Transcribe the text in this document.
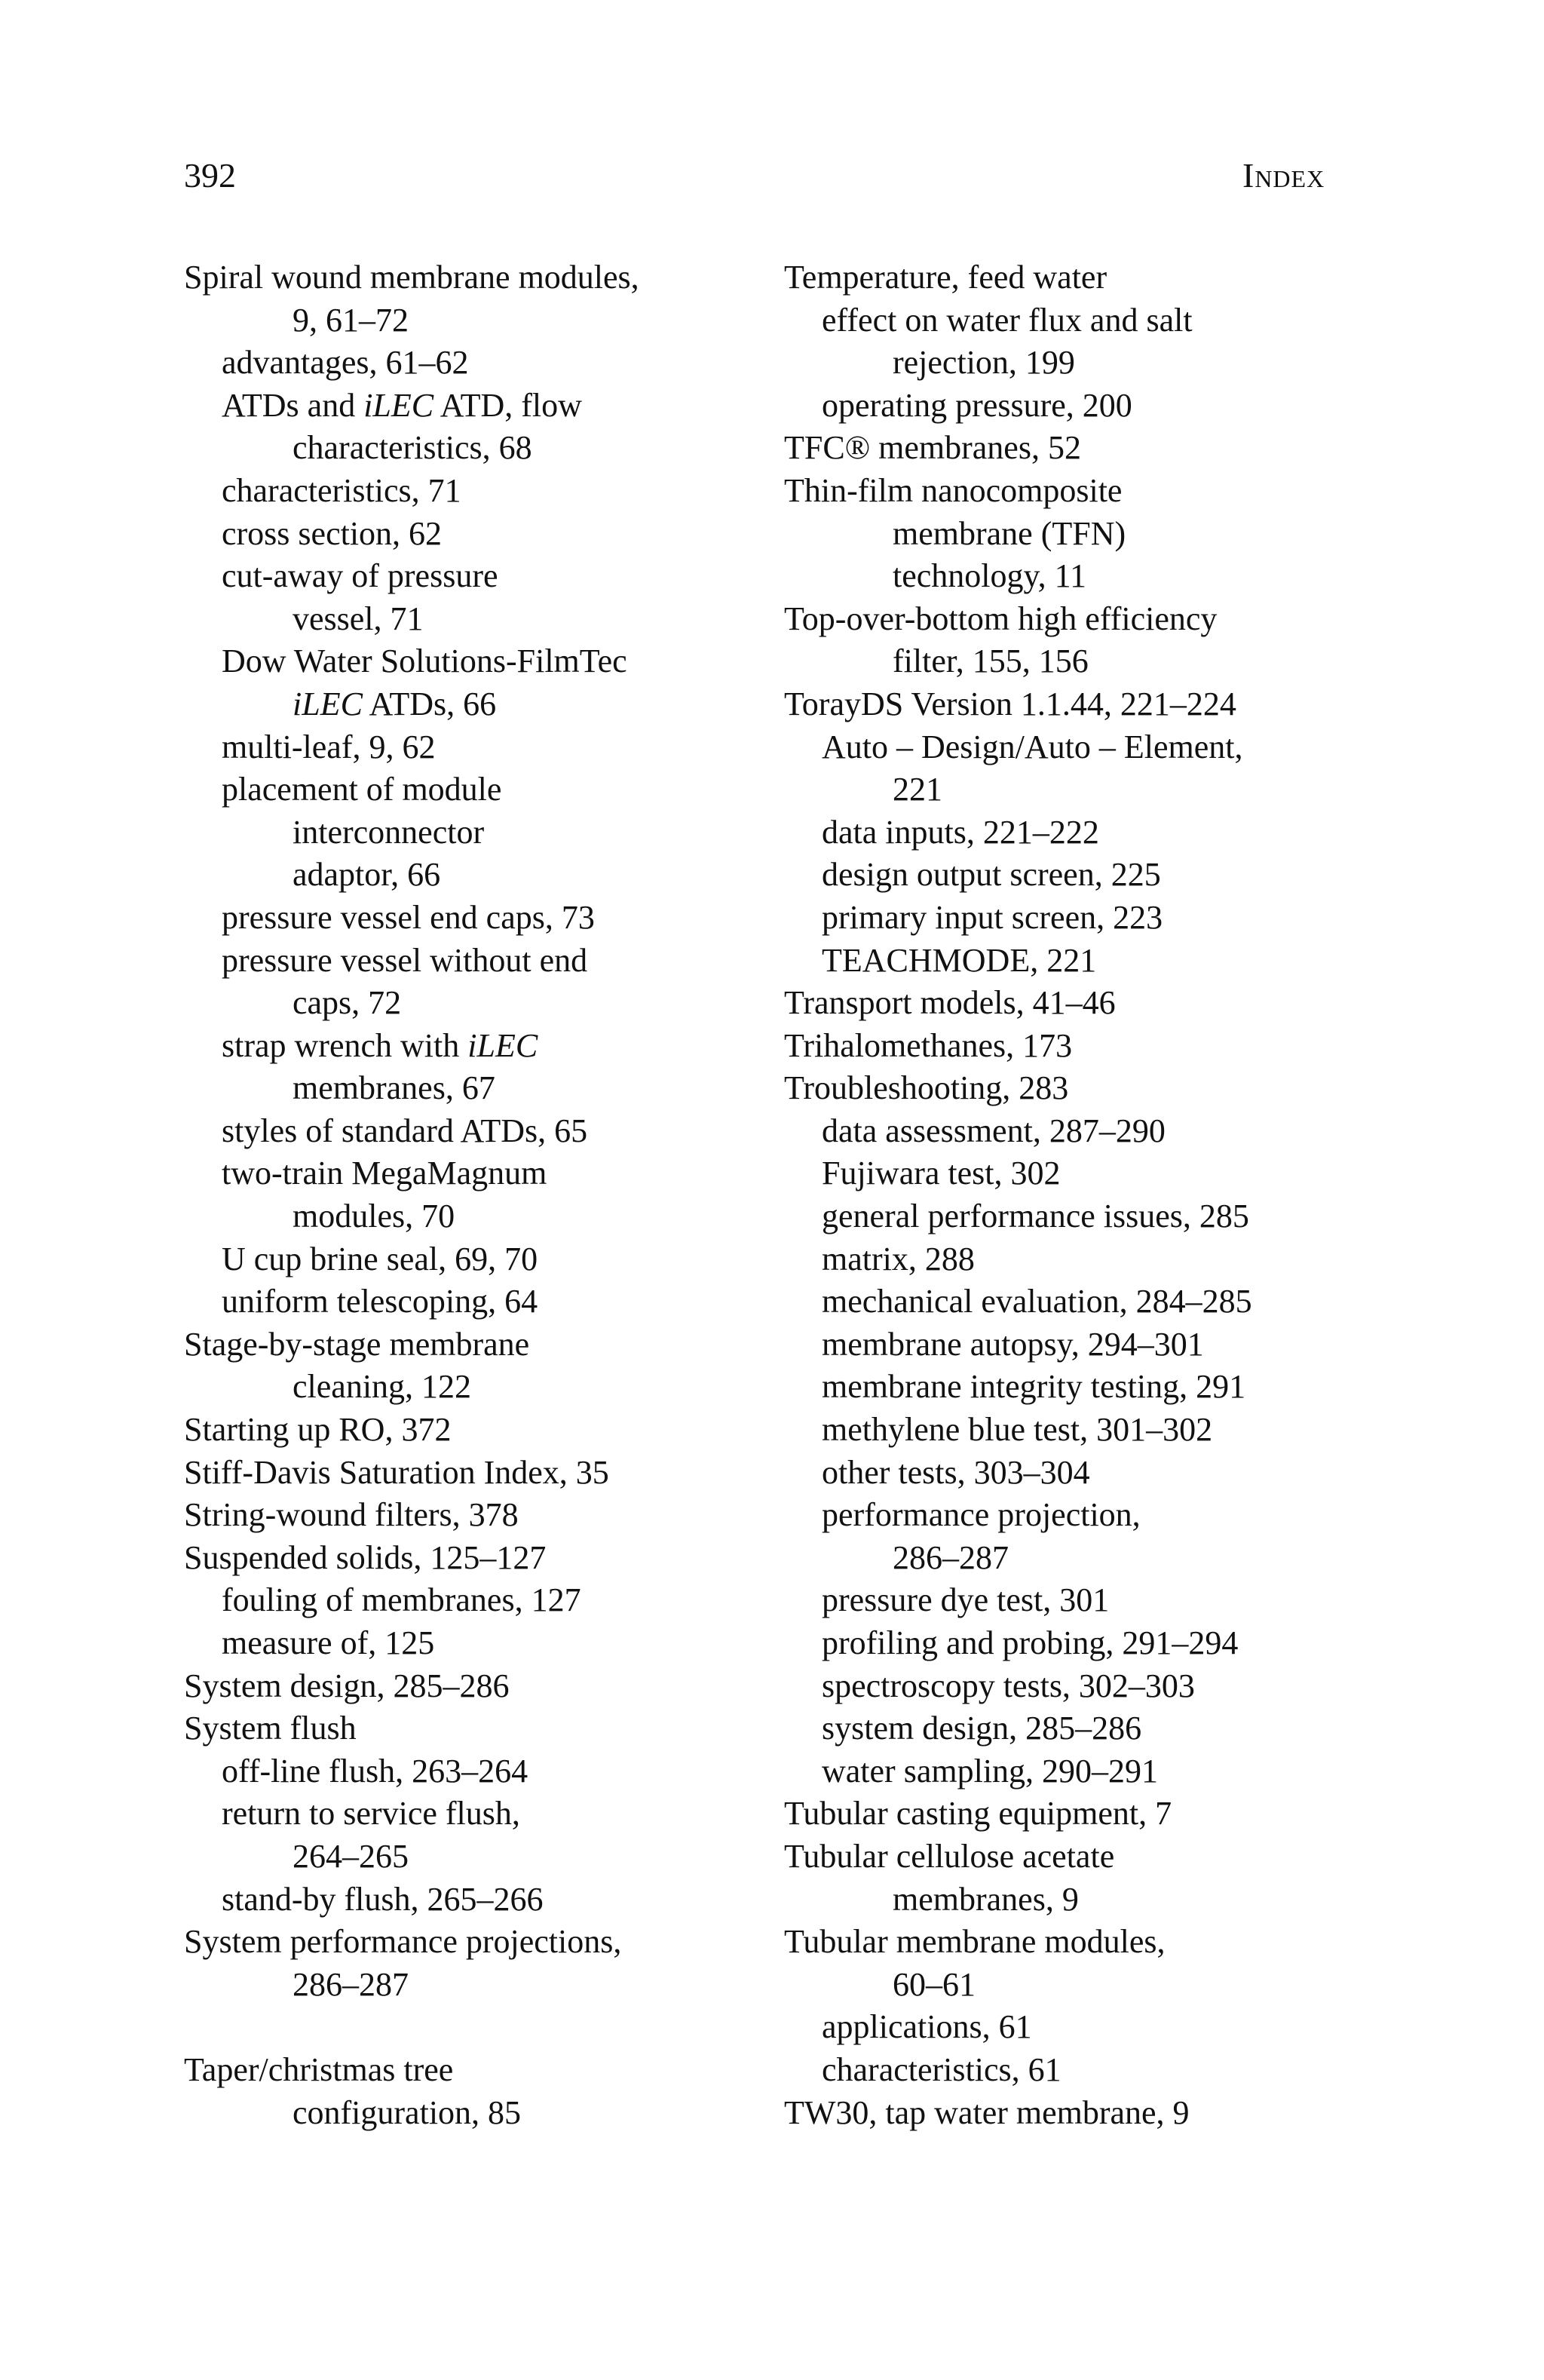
392	Index
Spiral wound membrane modules,
9, 61–72
advantages, 61–62
ATDs and iLEC ATD, flow
characteristics, 68
characteristics, 71
cross section, 62
cut-away of pressure
vessel, 71
Dow Water Solutions-FilmTec
iLEC ATDs, 66
multi-leaf, 9, 62
placement of module
interconnector
adaptor, 66
pressure vessel end caps, 73
pressure vessel without end
caps, 72
strap wrench with iLEC
membranes, 67
styles of standard ATDs, 65
two-train MegaMagnum
modules, 70
U cup brine seal, 69, 70
uniform telescoping, 64
Stage-by-stage membrane
cleaning, 122
Starting up RO, 372
Stiff-Davis Saturation Index, 35
String-wound filters, 378
Suspended solids, 125–127
fouling of membranes, 127
measure of, 125
System design, 285–286
System flush
off-line flush, 263–264
return to service flush,
264–265
stand-by flush, 265–266
System performance projections,
286–287
Taper/christmas tree
configuration, 85
Temperature, feed water
effect on water flux and salt
rejection, 199
operating pressure, 200
TFC® membranes, 52
Thin-film nanocomposite
membrane (TFN)
technology, 11
Top-over-bottom high efficiency
filter, 155, 156
TorayDS Version 1.1.44, 221–224
Auto – Design/Auto – Element,
221
data inputs, 221–222
design output screen, 225
primary input screen, 223
TEACHMODE, 221
Transport models, 41–46
Trihalomethanes, 173
Troubleshooting, 283
data assessment, 287–290
Fujiwara test, 302
general performance issues, 285
matrix, 288
mechanical evaluation, 284–285
membrane autopsy, 294–301
membrane integrity testing, 291
methylene blue test, 301–302
other tests, 303–304
performance projection,
286–287
pressure dye test, 301
profiling and probing, 291–294
spectroscopy tests, 302–303
system design, 285–286
water sampling, 290–291
Tubular casting equipment, 7
Tubular cellulose acetate
membranes, 9
Tubular membrane modules,
60–61
applications, 61
characteristics, 61
TW30, tap water membrane, 9
